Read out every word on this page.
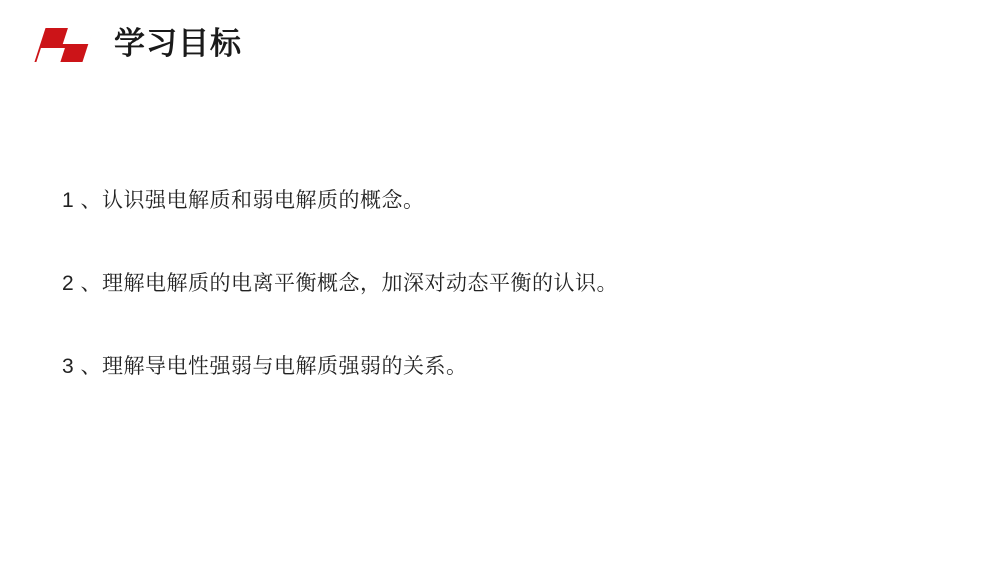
学习目标
1 、认识强电解质和弱电解质的概念。
2 、理解电解质的电离平衡概念，加深对动态平衡的认识。
3 、理解导电性强弱与电解质强弱的关系。
